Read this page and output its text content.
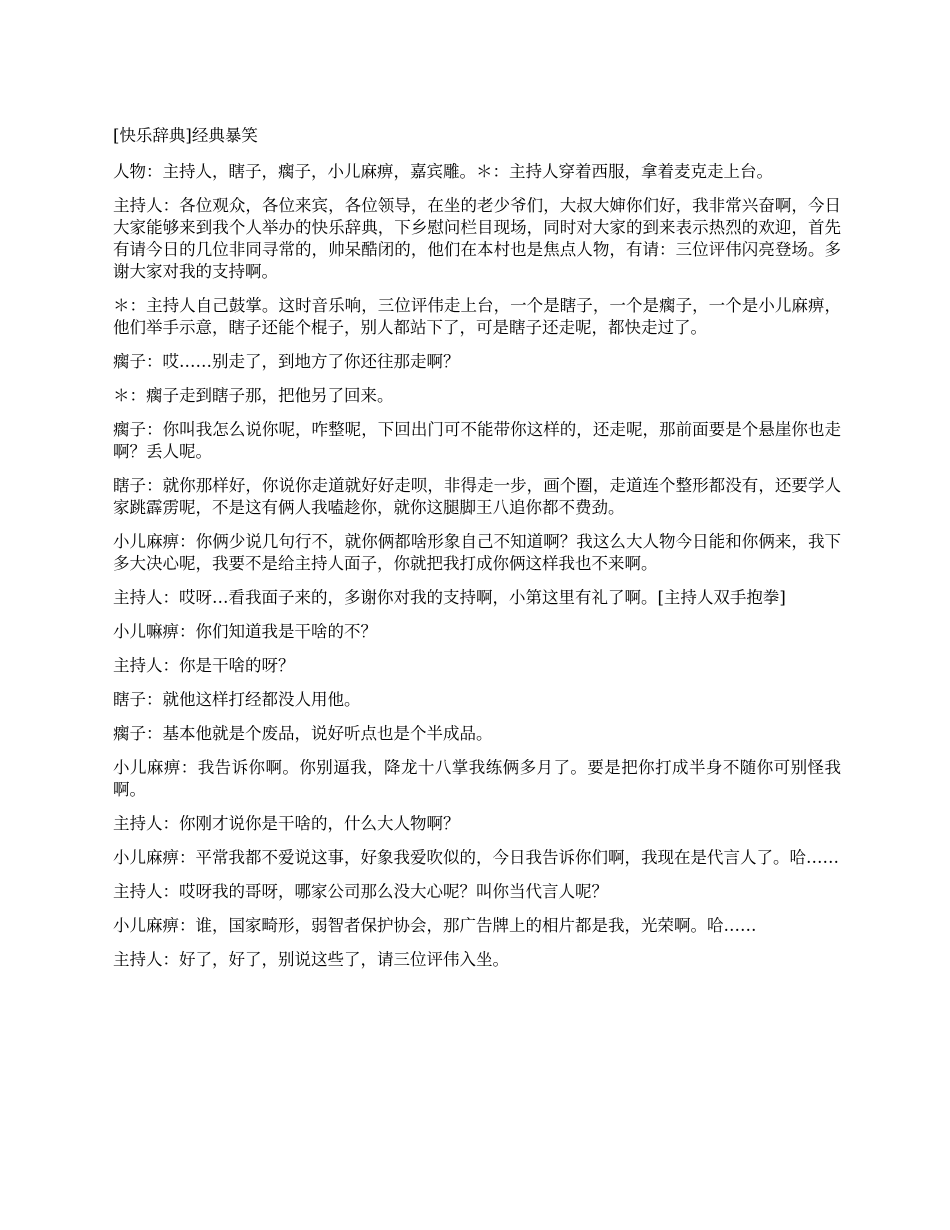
[快乐辞典]经典暴笑

人物：主持人，瞎子，瘸子，小儿麻痹，嘉宾雕。＊：主持人穿着西服，拿着麦克走上台。

主持人：各位观众，各位来宾，各位领导，在坐的老少爷们，大叔大婶你们好，我非常兴奋啊，今日大家能够来到我个人举办的快乐辞典，下乡慰问栏目现场，同时对大家的到来表示热烈的欢迎，首先有请今日的几位非同寻常的，帅呆酷闭的，他们在本村也是焦点人物，有请：三位评伟闪亮登场。多谢大家对我的支持啊。

＊：主持人自己鼓掌。这时音乐响，三位评伟走上台，一个是瞎子，一个是瘸子，一个是小儿麻痹，他们举手示意，瞎子还能个棍子，别人都站下了，可是瞎子还走呢，都快走过了。

瘸子：哎……别走了，到地方了你还往那走啊？

＊：瘸子走到瞎子那，把他另了回来。

瘸子：你叫我怎么说你呢，咋整呢，下回出门可不能带你这样的，还走呢，那前面要是个悬崖你也走啊？丢人呢。

瞎子：就你那样好，你说你走道就好好走呗，非得走一步，画个圈，走道连个整形都没有，还要学人家跳霹雳呢，不是这有俩人我嗑趁你，就你这腿脚王八追你都不费劲。

小儿麻痹：你俩少说几句行不，就你俩都啥形象自己不知道啊？我这么大人物今日能和你俩来，我下多大决心呢，我要不是给主持人面子，你就把我打成你俩这样我也不来啊。

主持人：哎呀…看我面子来的，多谢你对我的支持啊，小第这里有礼了啊。[主持人双手抱拳]

小儿嘛痹：你们知道我是干啥的不？

主持人：你是干啥的呀？

瞎子：就他这样打经都没人用他。

瘸子：基本他就是个废品，说好听点也是个半成品。

小儿麻痹：我告诉你啊。你别逼我，降龙十八掌我练俩多月了。要是把你打成半身不随你可别怪我啊。

主持人：你刚才说你是干啥的，什么大人物啊？

小儿麻痹：平常我都不爱说这事，好象我爱吹似的，今日我告诉你们啊，我现在是代言人了。哈……

主持人：哎呀我的哥呀，哪家公司那么没大心呢？叫你当代言人呢？

小儿麻痹：谁，国家畸形，弱智者保护协会，那广告牌上的相片都是我，光荣啊。哈……

主持人：好了，好了，别说这些了，请三位评伟入坐。
